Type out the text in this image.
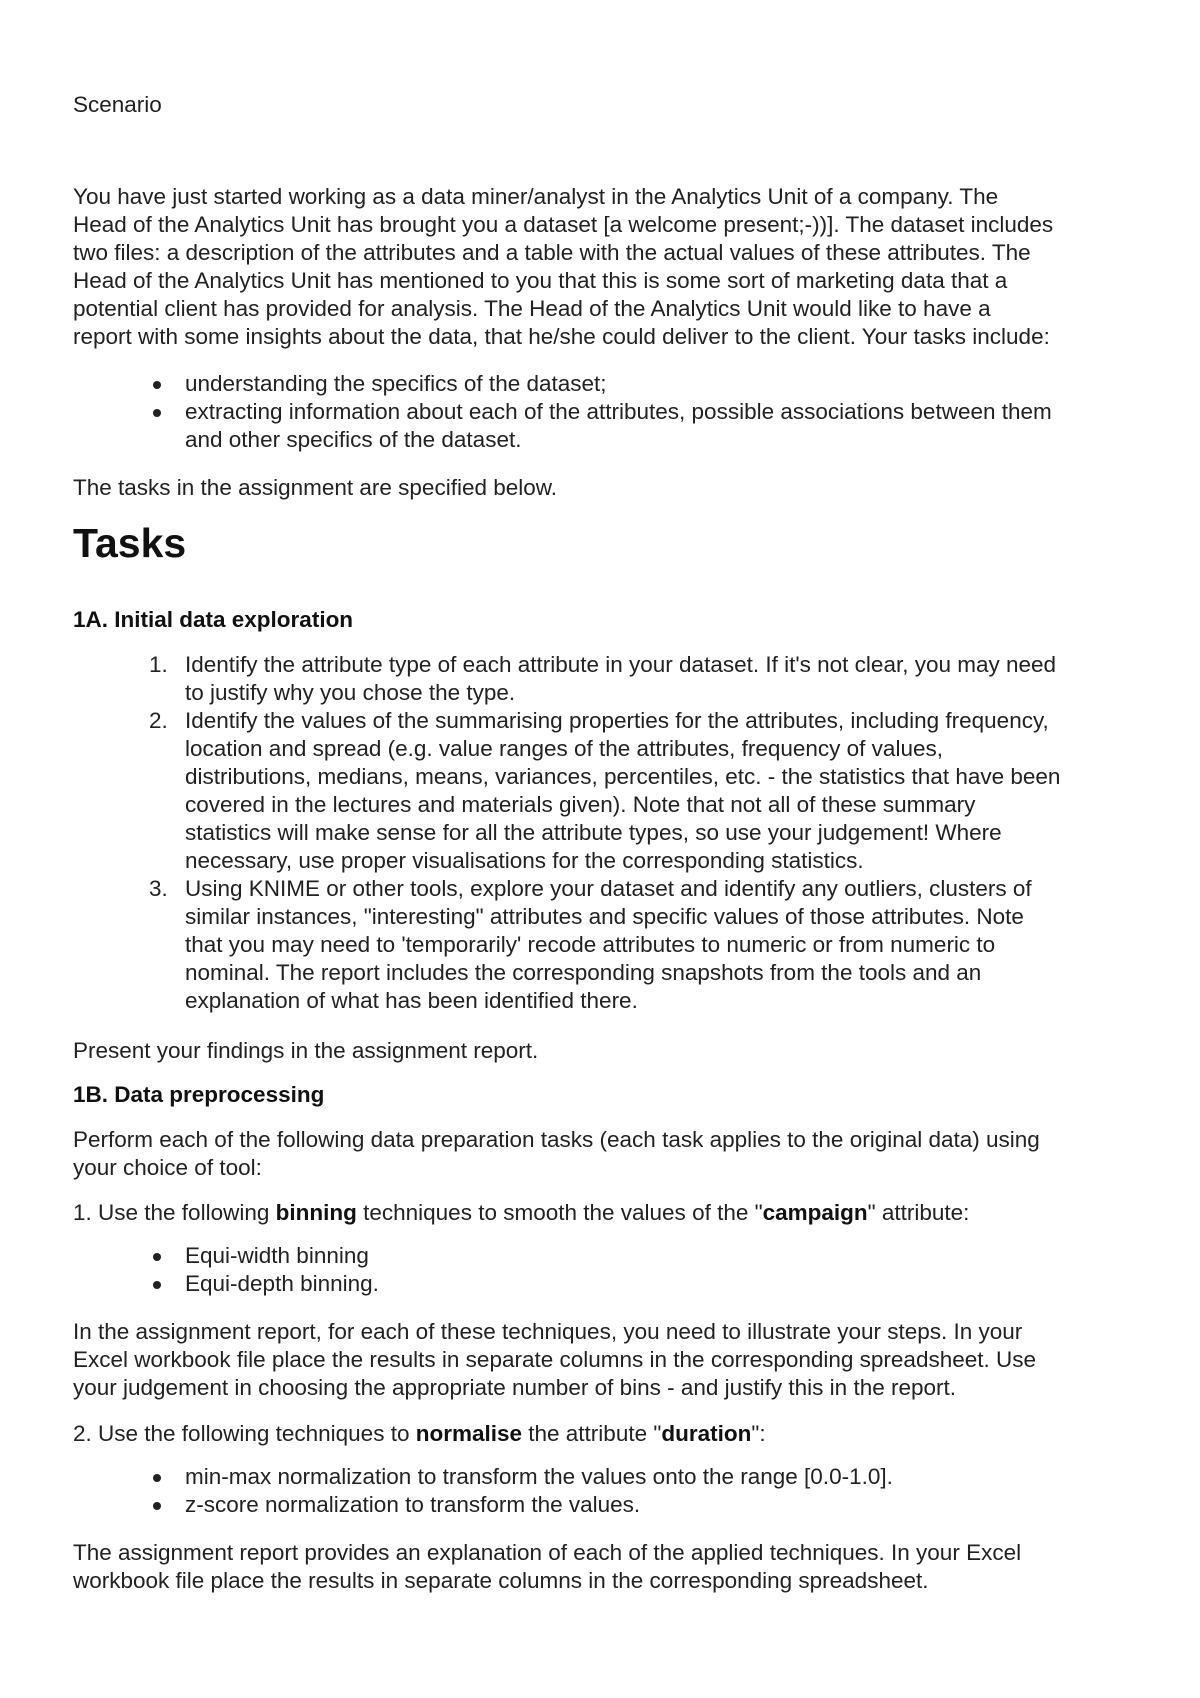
Scenario

You have just started working as a data miner/analyst in the Analytics Unit of a company. The

Head of the Analytics Unit has brought you a dataset [a welcome present;-))]. The dataset includes

two files: a description of the attributes and a table with the actual values of these attributes. The

Head of the Analytics Unit has mentioned to you that this is some sort of marketing data that a

potential client has provided for analysis. The Head of the Analytics Unit would like to have a

report with some insights about the data, that he/she could deliver to the client. Your tasks include:

understanding the specifics of the dataset;

extracting information about each of the attributes, possible associations between them

and other specifics of the dataset.

The tasks in the assignment are specified below.

Tasks

1A. Initial data exploration

1. Identify the attribute type of each attribute in your dataset. If it's not clear, you may need

to justify why you chose the type.

2. Identify the values of the summarising properties for the attributes, including frequency,

location and spread (e.g. value ranges of the attributes, frequency of values,

distributions, medians, means, variances, percentiles, etc. - the statistics that have been

covered in the lectures and materials given). Note that not all of these summary

statistics will make sense for all the attribute types, so use your judgement! Where

necessary, use proper visualisations for the corresponding statistics.

3. Using KNIME or other tools, explore your dataset and identify any outliers, clusters of

similar instances, "interesting" attributes and specific values of those attributes. Note

that you may need to 'temporarily' recode attributes to numeric or from numeric to

nominal. The report includes the corresponding snapshots from the tools and an

explanation of what has been identified there.

Present your findings in the assignment report.

1B. Data preprocessing

Perform each of the following data preparation tasks (each task applies to the original data) using

your choice of tool:

1. Use the following binning techniques to smooth the values of the "campaign" attribute:

Equi-width binning

Equi-depth binning.

In the assignment report, for each of these techniques, you need to illustrate your steps. In your

Excel workbook file place the results in separate columns in the corresponding spreadsheet. Use

your judgement in choosing the appropriate number of bins - and justify this in the report.

2. Use the following techniques to normalise the attribute "duration":

min-max normalization to transform the values onto the range [0.0-1.0].

z-score normalization to transform the values.

The assignment report provides an explanation of each of the applied techniques. In your Excel

workbook file place the results in separate columns in the corresponding spreadsheet.
